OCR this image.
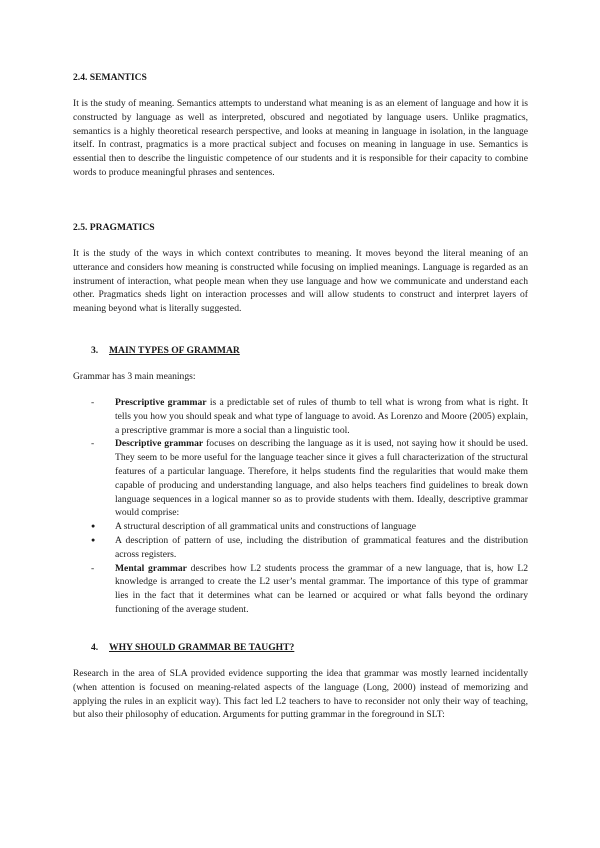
2.4. SEMANTICS

It is the study of meaning. Semantics attempts to understand what meaning is as an element of language and how it is constructed by language as well as interpreted, obscured and negotiated by language users. Unlike pragmatics, semantics is a highly theoretical research perspective, and looks at meaning in language in isolation, in the language itself. In contrast, pragmatics is a more practical subject and focuses on meaning in language in use. Semantics is essential then to describe the linguistic competence of our students and it is responsible for their capacity to combine words to produce meaningful phrases and sentences.

2.5. PRAGMATICS

It is the study of the ways in which context contributes to meaning. It moves beyond the literal meaning of an utterance and considers how meaning is constructed while focusing on implied meanings. Language is regarded as an instrument of interaction, what people mean when they use language and how we communicate and understand each other. Pragmatics sheds light on interaction processes and will allow students to construct and interpret layers of meaning beyond what is literally suggested.

3. MAIN TYPES OF GRAMMAR

Grammar has 3 main meanings:

- Prescriptive grammar is a predictable set of rules of thumb to tell what is wrong from what is right. It tells you how you should speak and what type of language to avoid. As Lorenzo and Moore (2005) explain, a prescriptive grammar is more a social than a linguistic tool.

- Descriptive grammar focuses on describing the language as it is used, not saying how it should be used. They seem to be more useful for the language teacher since it gives a full characterization of the structural features of a particular language. Therefore, it helps students find the regularities that would make them capable of producing and understanding language, and also helps teachers find guidelines to break down language sequences in a logical manner so as to provide students with them. Ideally, descriptive grammar would comprise:

● A structural description of all grammatical units and constructions of language

● A description of pattern of use, including the distribution of grammatical features and the distribution across registers.

- Mental grammar describes how L2 students process the grammar of a new language, that is, how L2 knowledge is arranged to create the L2 user’s mental grammar. The importance of this type of grammar lies in the fact that it determines what can be learned or acquired or what falls beyond the ordinary functioning of the average student.

4. WHY SHOULD GRAMMAR BE TAUGHT?

Research in the area of SLA provided evidence supporting the idea that grammar was mostly learned incidentally (when attention is focused on meaning-related aspects of the language (Long, 2000) instead of memorizing and applying the rules in an explicit way). This fact led L2 teachers to have to reconsider not only their way of teaching, but also their philosophy of education. Arguments for putting grammar in the foreground in SLT:
